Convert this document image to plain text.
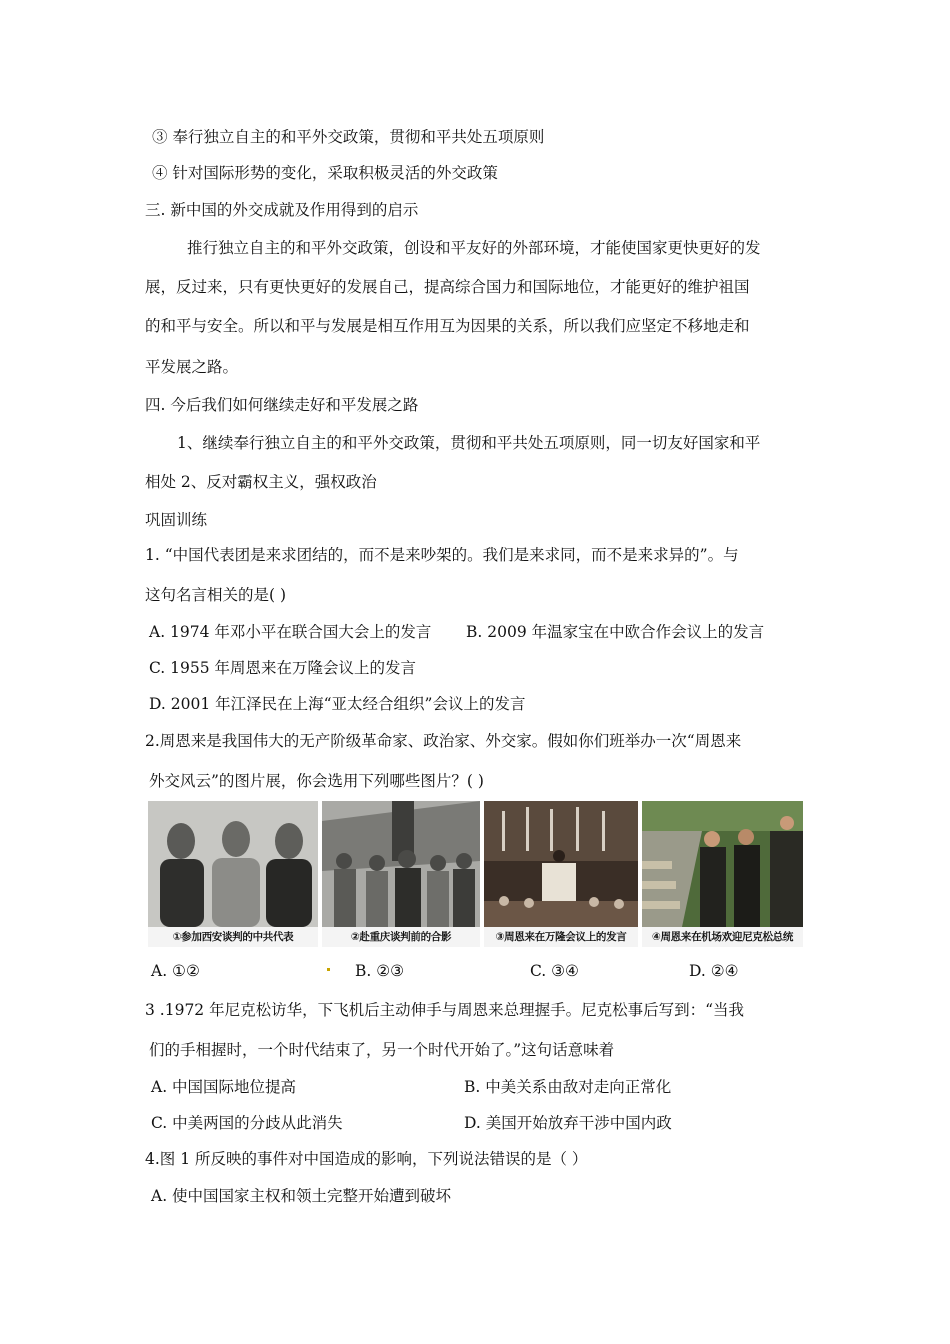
③ 奉行独立自主的和平外交政策，贯彻和平共处五项原则
④ 针对国际形势的变化，采取积极灵活的外交政策
三. 新中国的外交成就及作用得到的启示
推行独立自主的和平外交政策，创设和平友好的外部环境，才能使国家更快更好的发
展，反过来，只有更快更好的发展自己，提高综合国力和国际地位，才能更好的维护祖国
的和平与安全。所以和平与发展是相互作用互为因果的关系，所以我们应坚定不移地走和
平发展之路。
四. 今后我们如何继续走好和平发展之路
1、继续奉行独立自主的和平外交政策，贯彻和平共处五项原则，同一切友好国家和平
相处 2、反对霸权主义，强权政治
巩固训练
1. “中国代表团是来求团结的，而不是来吵架的。我们是来求同，而不是来求异的”。与
这句名言相关的是( )
A. 1974 年邓小平在联合国大会上的发言 B. 2009 年温家宝在中欧合作会议上的发言
C. 1955 年周恩来在万隆会议上的发言
D. 2001 年江泽民在上海“亚太经合组织”会议上的发言
2.周恩来是我国伟大的无产阶级革命家、政治家、外交家。假如你们班举办一次“周恩来
外交风云”的图片展，你会选用下列哪些图片？( )
①参加西安谈判的中共代表	②赴重庆谈判前的合影	③周恩来在万隆会议上的发言	④周恩来在机场欢迎尼克松总统
A. ①②	B. ②③	C. ③④	D. ②④
3 .1972 年尼克松访华，下飞机后主动伸手与周恩来总理握手。尼克松事后写到：“当我
们的手相握时，一个时代结束了，另一个时代开始了。”这句话意味着
A. 中国国际地位提高	B. 中美关系由敌对走向正常化
C. 中美两国的分歧从此消失	D. 美国开始放弃干涉中国内政
4.图 1 所反映的事件对中国造成的影响，下列说法错误的是（ ）
A. 使中国国家主权和领土完整开始遭到破坏
